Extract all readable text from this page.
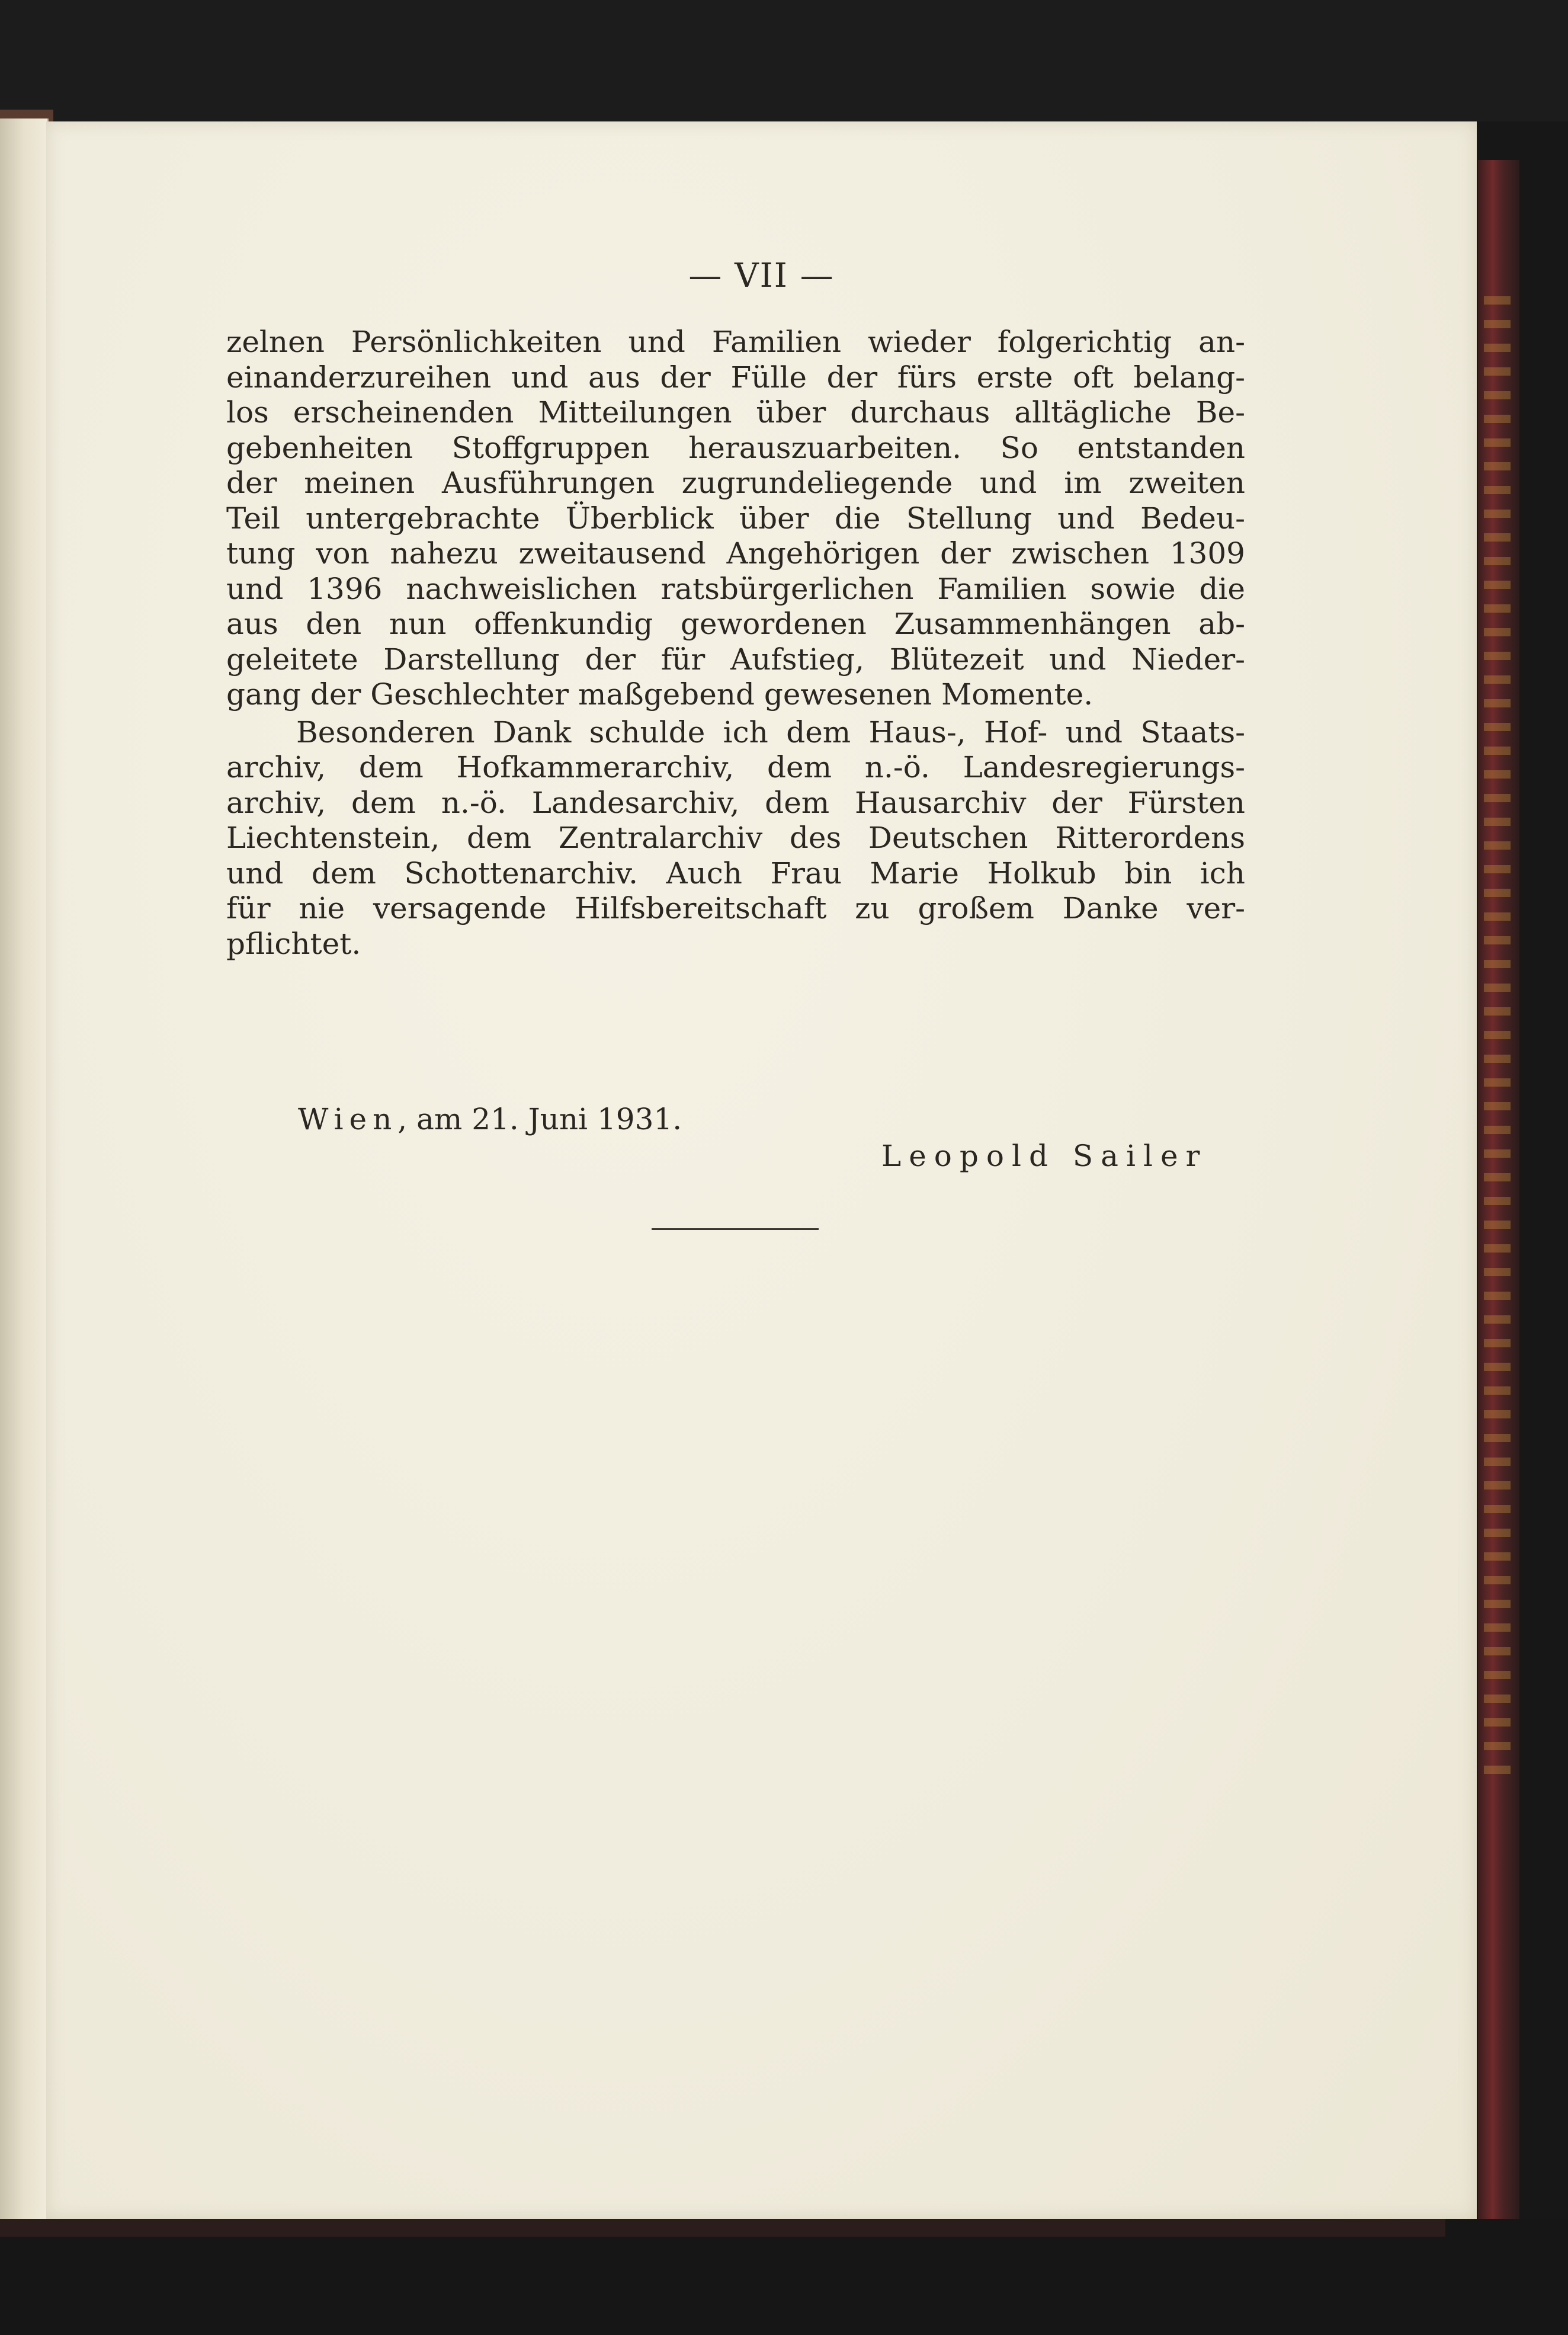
— VII —
zelnen Persönlichkeiten und Familien wieder folgerichtig an-
einanderzureihen und aus der Fülle der fürs erste oft belang-
los erscheinenden Mitteilungen über durchaus alltägliche Be-
gebenheiten Stoffgruppen herauszuarbeiten. So entstanden
der meinen Ausführungen zugrundeliegende und im zweiten
Teil untergebrachte Überblick über die Stellung und Bedeu-
tung von nahezu zweitausend Angehörigen der zwischen 1309
und 1396 nachweislichen ratsbürgerlichen Familien sowie die
aus den nun offenkundig gewordenen Zusammenhängen ab-
geleitete Darstellung der für Aufstieg, Blütezeit und Nieder-
gang der Geschlechter maßgebend gewesenen Momente.
Besonderen Dank schulde ich dem Haus-, Hof- und Staats-
archiv, dem Hofkammerarchiv, dem n.-ö. Landesregierungs-
archiv, dem n.-ö. Landesarchiv, dem Hausarchiv der Fürsten
Liechtenstein, dem Zentralarchiv des Deutschen Ritterordens
und dem Schottenarchiv. Auch Frau Marie Holkub bin ich
für nie versagende Hilfsbereitschaft zu großem Danke ver-
pflichtet.
Wien, am 21. Juni 1931.
Leopold Sailer
